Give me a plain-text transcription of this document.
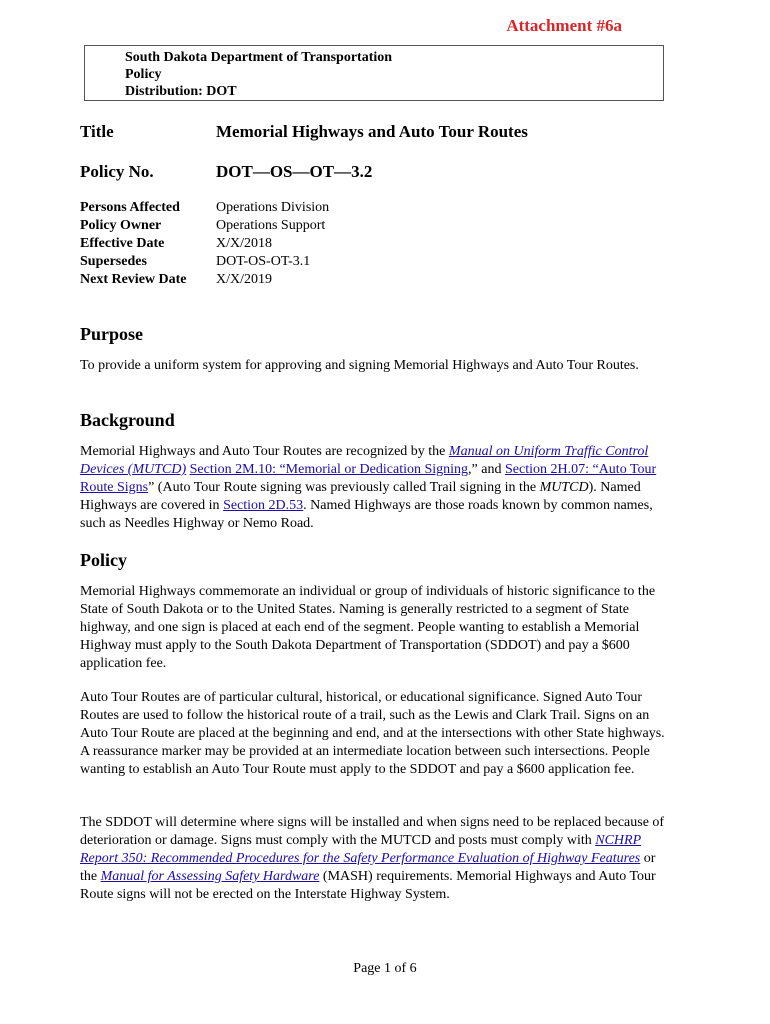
Attachment #6a
South Dakota Department of Transportation
Policy
Distribution: DOT
Title	Memorial Highways and Auto Tour Routes
Policy No.	DOT—OS—OT—3.2
Persons Affected	Operations Division
Policy Owner	Operations Support
Effective Date	X/X/2018
Supersedes	DOT-OS-OT-3.1
Next Review Date X/X/2019
Purpose

To provide a uniform system for approving and signing Memorial Highways and Auto Tour Routes.

Background

Memorial Highways and Auto Tour Routes are recognized by the Manual on Uniform Traffic Control Devices (MUTCD) Section 2M.10: “Memorial or Dedication Signing,” and Section 2H.07: “Auto Tour Route Signs” (Auto Tour Route signing was previously called Trail signing in the MUTCD). Named Highways are covered in Section 2D.53. Named Highways are those roads known by common names, such as Needles Highway or Nemo Road.

Policy

Memorial Highways commemorate an individual or group of individuals of historic significance to the State of South Dakota or to the United States. Naming is generally restricted to a segment of State highway, and one sign is placed at each end of the segment. People wanting to establish a Memorial Highway must apply to the South Dakota Department of Transportation (SDDOT) and pay a $600 application fee.

Auto Tour Routes are of particular cultural, historical, or educational significance. Signed Auto Tour Routes are used to follow the historical route of a trail, such as the Lewis and Clark Trail. Signs on an Auto Tour Route are placed at the beginning and end, and at the intersections with other State highways. A reassurance marker may be provided at an intermediate location between such intersections. People wanting to establish an Auto Tour Route must apply to the SDDOT and pay a $600 application fee.

The SDDOT will determine where signs will be installed and when signs need to be replaced because of deterioration or damage. Signs must comply with the MUTCD and posts must comply with NCHRP Report 350: Recommended Procedures for the Safety Performance Evaluation of Highway Features or the Manual for Assessing Safety Hardware (MASH) requirements. Memorial Highways and Auto Tour Route signs will not be erected on the Interstate Highway System.

Page 1 of 6
